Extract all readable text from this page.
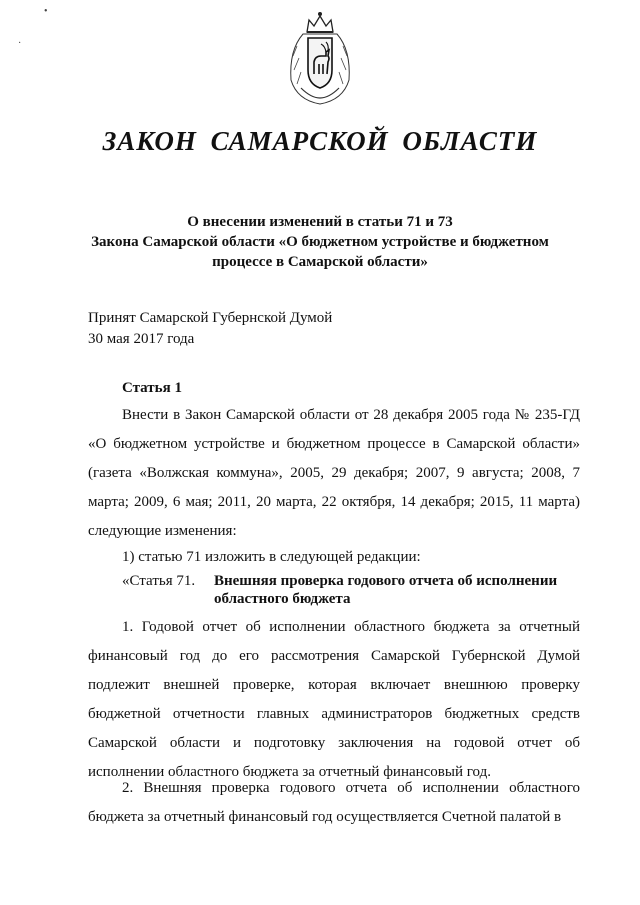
ЗАКОН САМАРСКОЙ ОБЛАСТИ
О внесении изменений в статьи 71 и 73
Закона Самарской области «О бюджетном устройстве и бюджетном
процессе в Самарской области»
Принят Самарской Губернской Думой
30 мая 2017 года
Статья 1

Внести в Закон Самарской области от 28 декабря 2005 года № 235-ГД «О бюджетном устройстве и бюджетном процессе в Самарской области» (газета «Волжская коммуна», 2005, 29 декабря; 2007, 9 августа; 2008, 7 марта; 2009, 6 мая; 2011, 20 марта, 22 октября, 14 декабря; 2015, 11 марта) следующие изменения:

1) статью 71 изложить в следующей редакции:

«Статья 71. Внешняя проверка годового отчета об исполнении областного бюджета

1. Годовой отчет об исполнении областного бюджета за отчетный финансовый год до его рассмотрения Самарской Губернской Думой подлежит внешней проверке, которая включает внешнюю проверку бюджетной отчетности главных администраторов бюджетных средств Самарской области и подготовку заключения на годовой отчет об исполнении областного бюджета за отчетный финансовый год.

2. Внешняя проверка годового отчета об исполнении областного бюджета за отчетный финансовый год осуществляется Счетной палатой в

•
·
